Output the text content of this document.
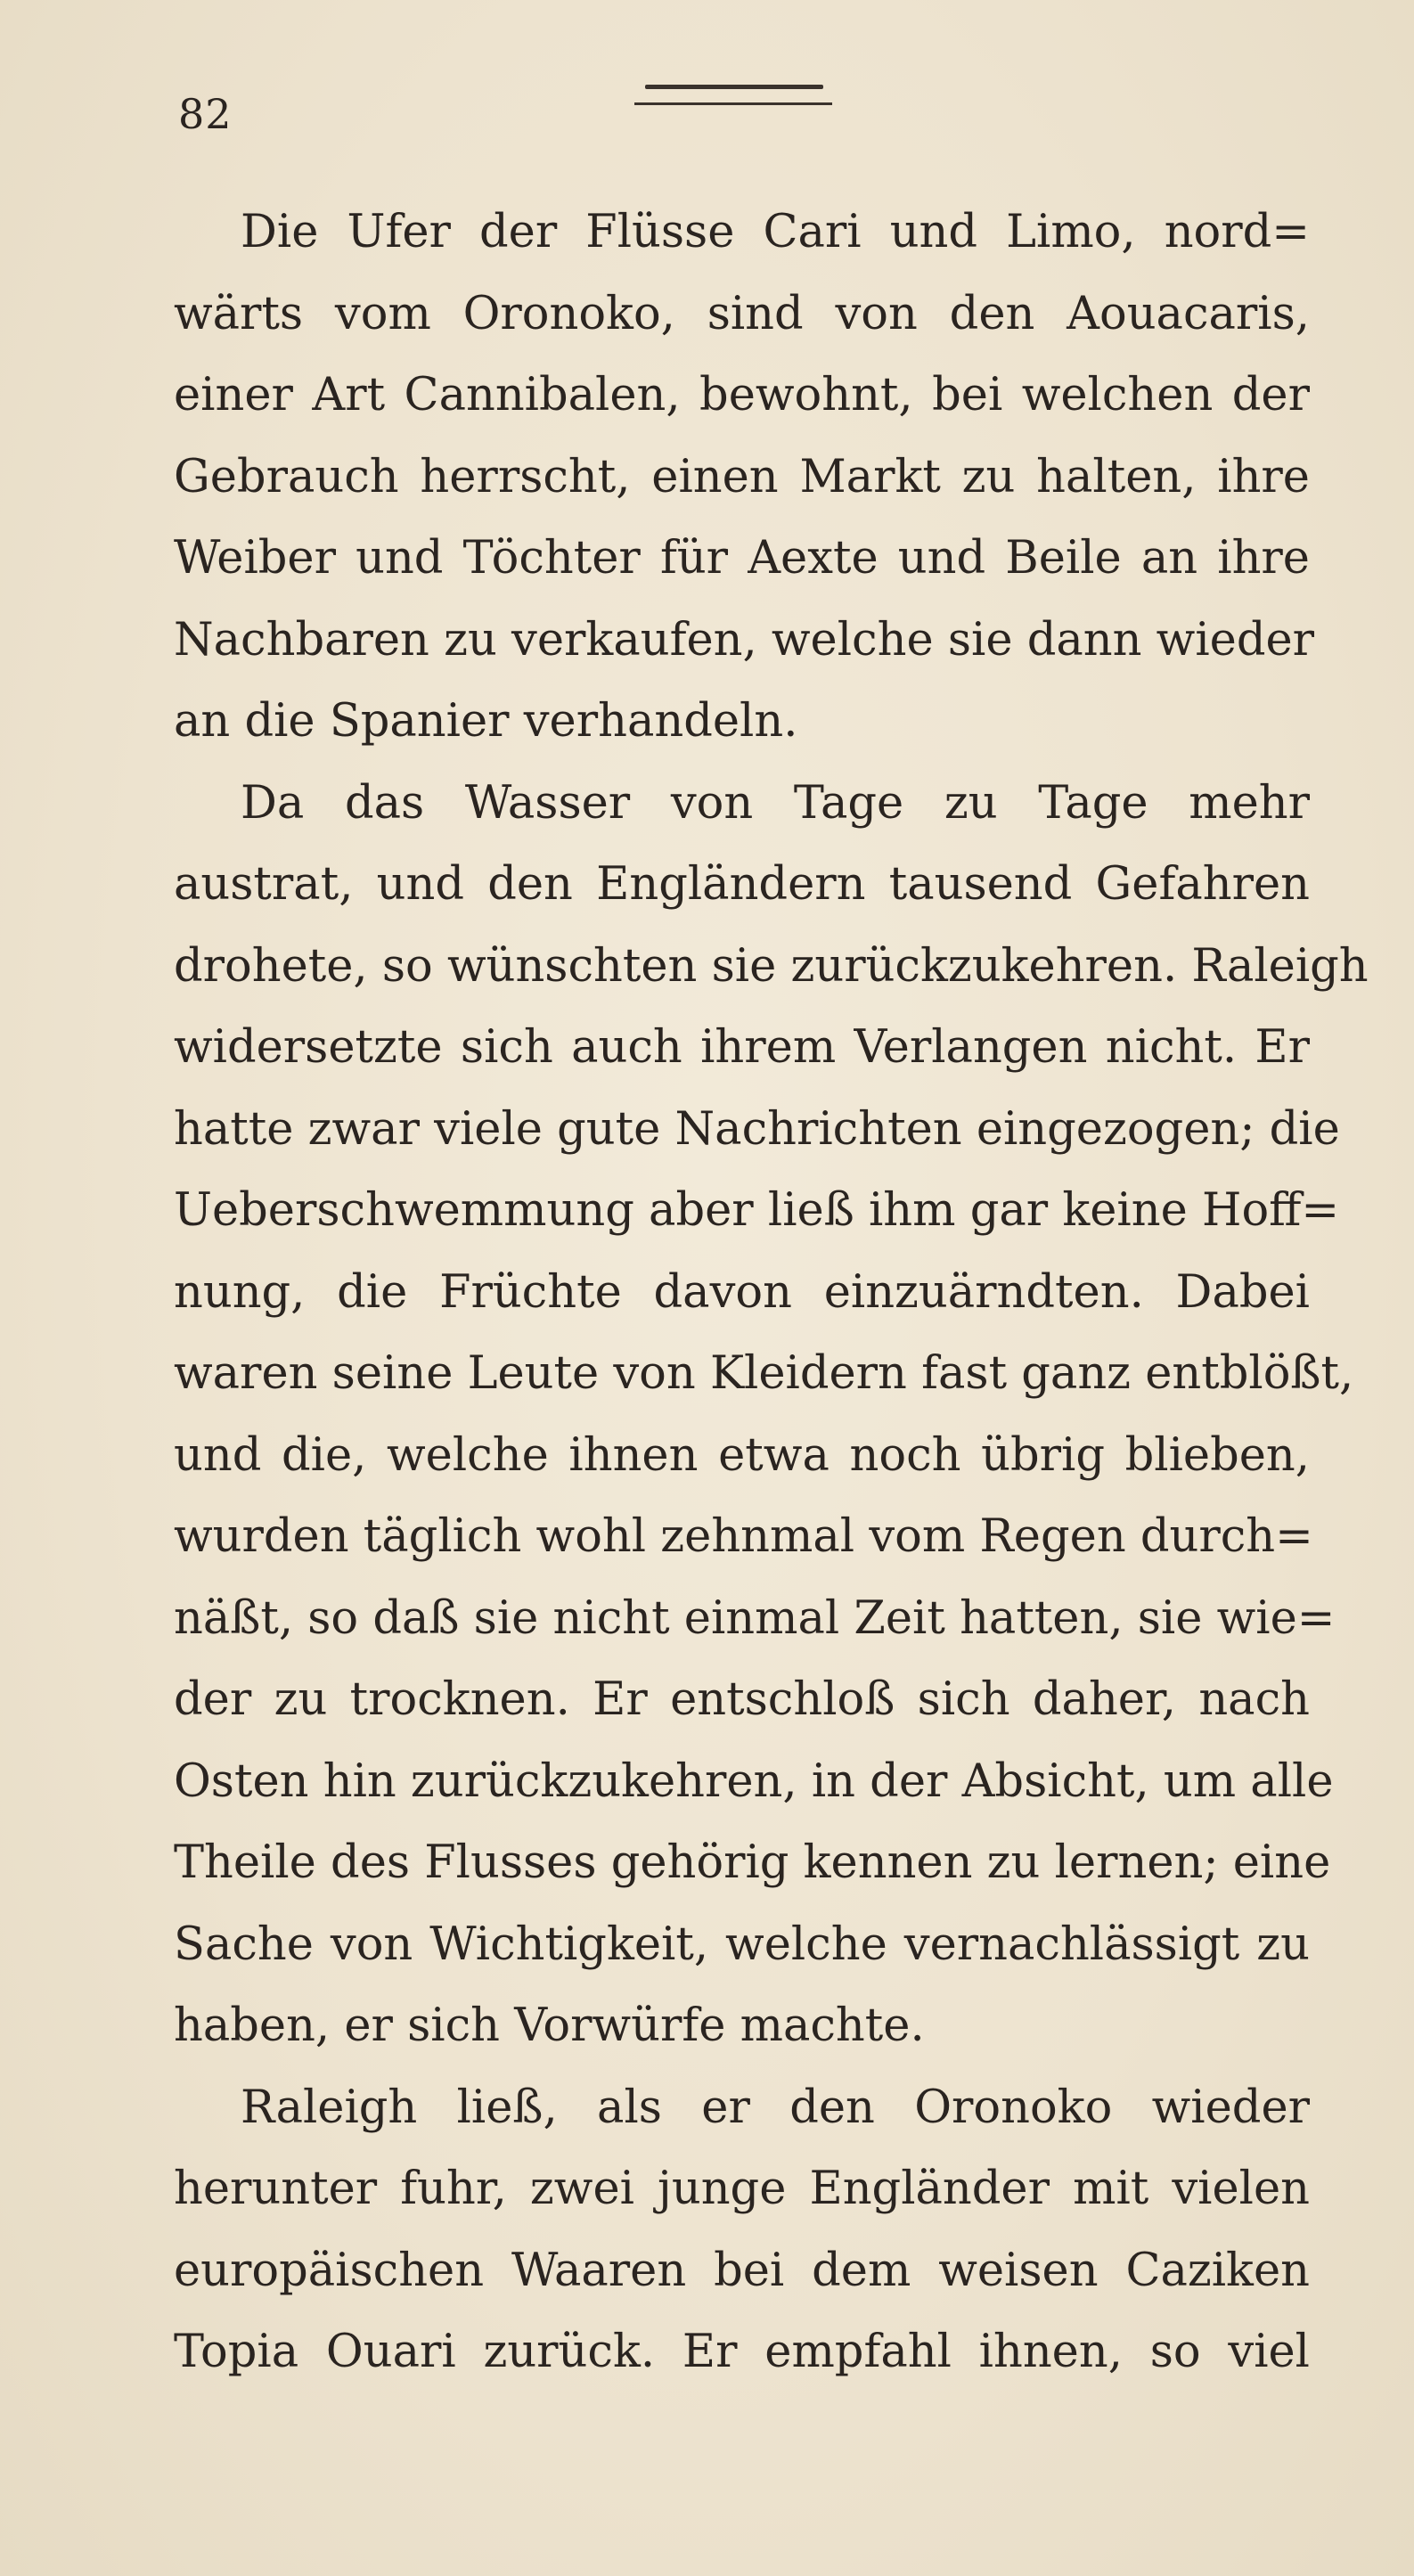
82
Die Ufer der Flüsse Cari und Limo, nord=
wärts vom Oronoko, sind von den Aouacaris,
einer Art Cannibalen, bewohnt, bei welchen der
Gebrauch herrscht, einen Markt zu halten, ihre
Weiber und Töchter für Aexte und Beile an ihre
Nachbaren zu verkaufen, welche sie dann wieder
an die Spanier verhandeln.
Da das Wasser von Tage zu Tage mehr
austrat, und den Engländern tausend Gefahren
drohete, so wünschten sie zurückzukehren. Raleigh
widersetzte sich auch ihrem Verlangen nicht. Er
hatte zwar viele gute Nachrichten eingezogen; die
Ueberschwemmung aber ließ ihm gar keine Hoff=
nung, die Früchte davon einzuärndten. Dabei
waren seine Leute von Kleidern fast ganz entblößt,
und die, welche ihnen etwa noch übrig blieben,
wurden täglich wohl zehnmal vom Regen durch=
näßt, so daß sie nicht einmal Zeit hatten, sie wie=
der zu trocknen. Er entschloß sich daher, nach
Osten hin zurückzukehren, in der Absicht, um alle
Theile des Flusses gehörig kennen zu lernen; eine
Sache von Wichtigkeit, welche vernachlässigt zu
haben, er sich Vorwürfe machte.
Raleigh ließ, als er den Oronoko wieder
herunter fuhr, zwei junge Engländer mit vielen
europäischen Waaren bei dem weisen Caziken
Topia Ouari zurück. Er empfahl ihnen, so viel
